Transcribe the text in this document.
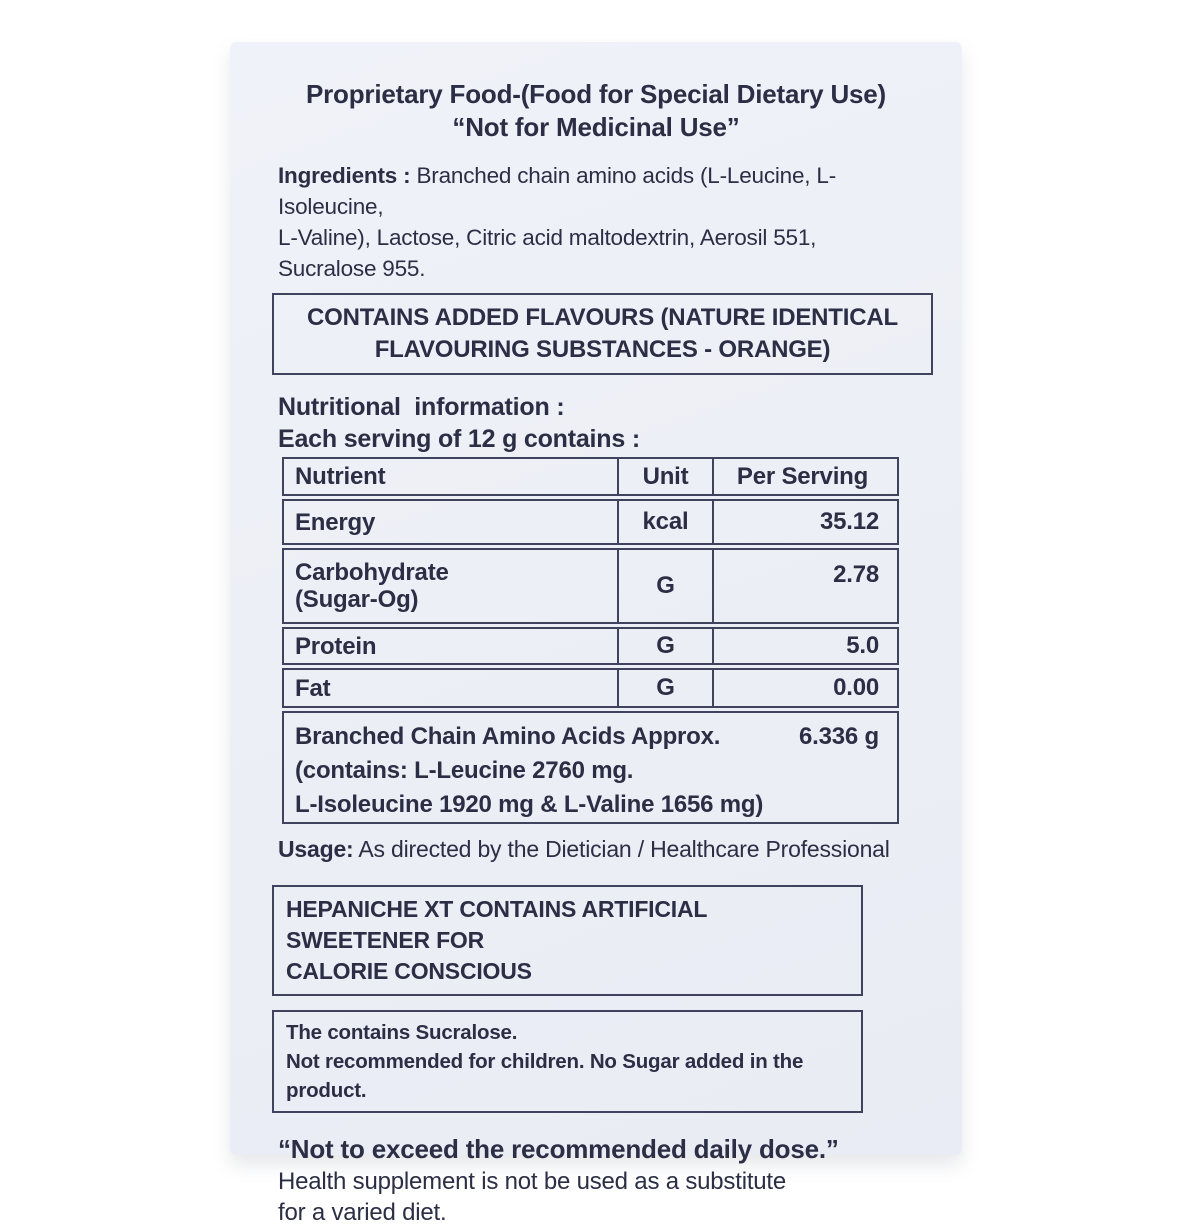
Proprietary Food-(Food for Special Dietary Use)
“Not for Medicinal Use”
Ingredients : Branched chain amino acids (L-Leucine, L-Isoleucine,
L-Valine), Lactose, Citric acid maltodextrin, Aerosil 551,
Sucralose 955.
CONTAINS ADDED FLAVOURS (NATURE IDENTICAL
FLAVOURING SUBSTANCES - ORANGE)
Nutritional  information :
Each serving of 12 g contains :
Nutrient	Unit	Per Serving
Energy	kcal	35.12
Carbohydrate
(Sugar-Og)
G	2.78
Protein	G	5.0
Fat	G	0.00
Branched Chain Amino Acids Approx.	6.336 g
(contains: L-Leucine 2760 mg.
L-Isoleucine 1920 mg & L-Valine 1656 mg)
Usage: As directed by the Dietician / Healthcare Professional
HEPANICHE XT CONTAINS ARTIFICIAL SWEETENER FOR
CALORIE CONSCIOUS
The contains Sucralose.
Not recommended for children. No Sugar added in the product.
“Not to exceed the recommended daily dose.”
Health supplement is not be used as a substitute
for a varied diet.
